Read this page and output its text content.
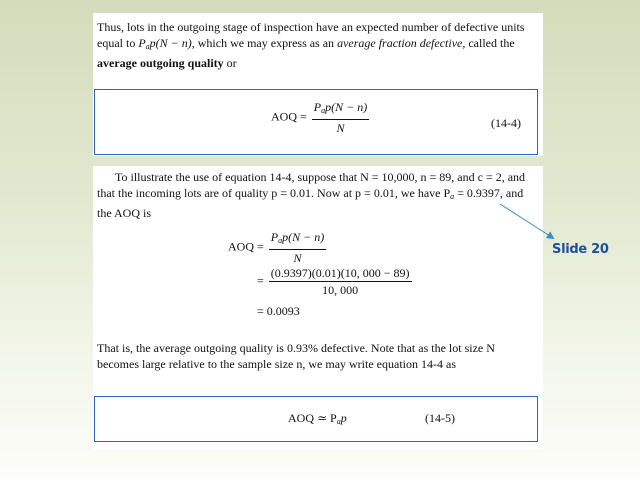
Thus, lots in the outgoing stage of inspection have an expected number of defective units
equal to $P_ap(N - n)$, which we may express as an average fraction defective, called the
average outgoing quality or
AOQ = $\frac{P_ap(N - n)}{N}$	(14-4)
To illustrate the use of equation 14-4, suppose that N = 10,000, n = 89, and c = 2, and
that the incoming lots are of quality p = 0.01. Now at p = 0.01, we have $P_a = 0.9397$, and
the AOQ is
AOQ = $\frac{P_ap(N - n)}{N}$
= $\frac{(0.9397)(0.01)(10, 000 - 89)}{10, 000}$
= 0.0093
That is, the average outgoing quality is 0.93% defective. Note that as the lot size N
becomes large relative to the sample size n, we may write equation 14-4 as
AOQ ≃ $P_ap$	(14-5)
Slide 20
